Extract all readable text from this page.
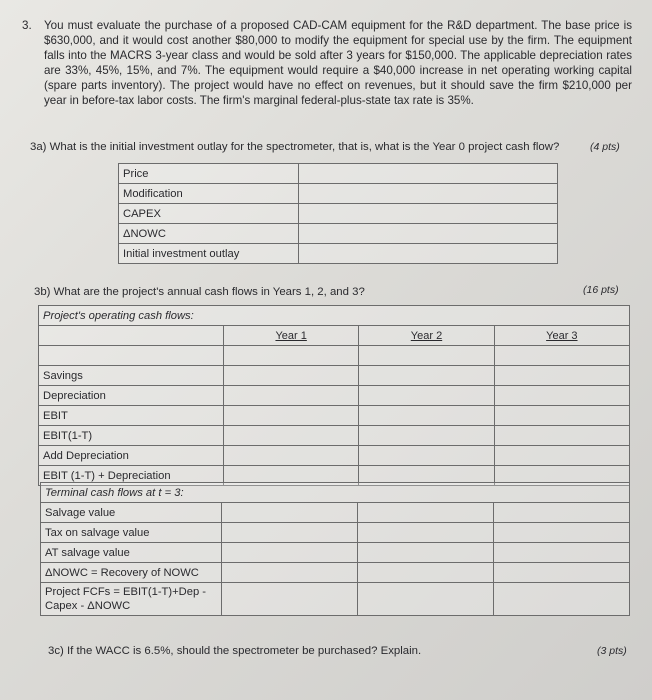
3. You must evaluate the purchase of a proposed CAD-CAM equipment for the R&D department. The base price is $630,000, and it would cost another $80,000 to modify the equipment for special use by the firm. The equipment falls into the MACRS 3-year class and would be sold after 3 years for $150,000. The applicable depreciation rates are 33%, 45%, 15%, and 7%. The equipment would require a $40,000 increase in net operating working capital (spare parts inventory). The project would have no effect on revenues, but it should save the firm $210,000 per year in before-tax labor costs. The firm's marginal federal-plus-state tax rate is 35%.
3a) What is the initial investment outlay for the spectrometer, that is, what is the Year 0 project cash flow?	(4 pts)
Price	
Modification	
CAPEX	
ΔNOWC	
Initial investment outlay	
3b) What are the project's annual cash flows in Years 1, 2, and 3?	(16 pts)
Project's operating cash flows:			
	Year 1	Year 2	Year 3

Savings			
Depreciation			
EBIT			
EBIT(1-T)			
Add Depreciation			
EBIT (1-T) + Depreciation			
Terminal cash flows at t = 3:			
Salvage value			
Tax on salvage value			
AT salvage value			
ΔNOWC = Recovery of NOWC			
Project FCFs = EBIT(1-T)+Dep - Capex - ΔNOWC			
3c) If the WACC is 6.5%, should the spectrometer be purchased? Explain.	(3 pts)
